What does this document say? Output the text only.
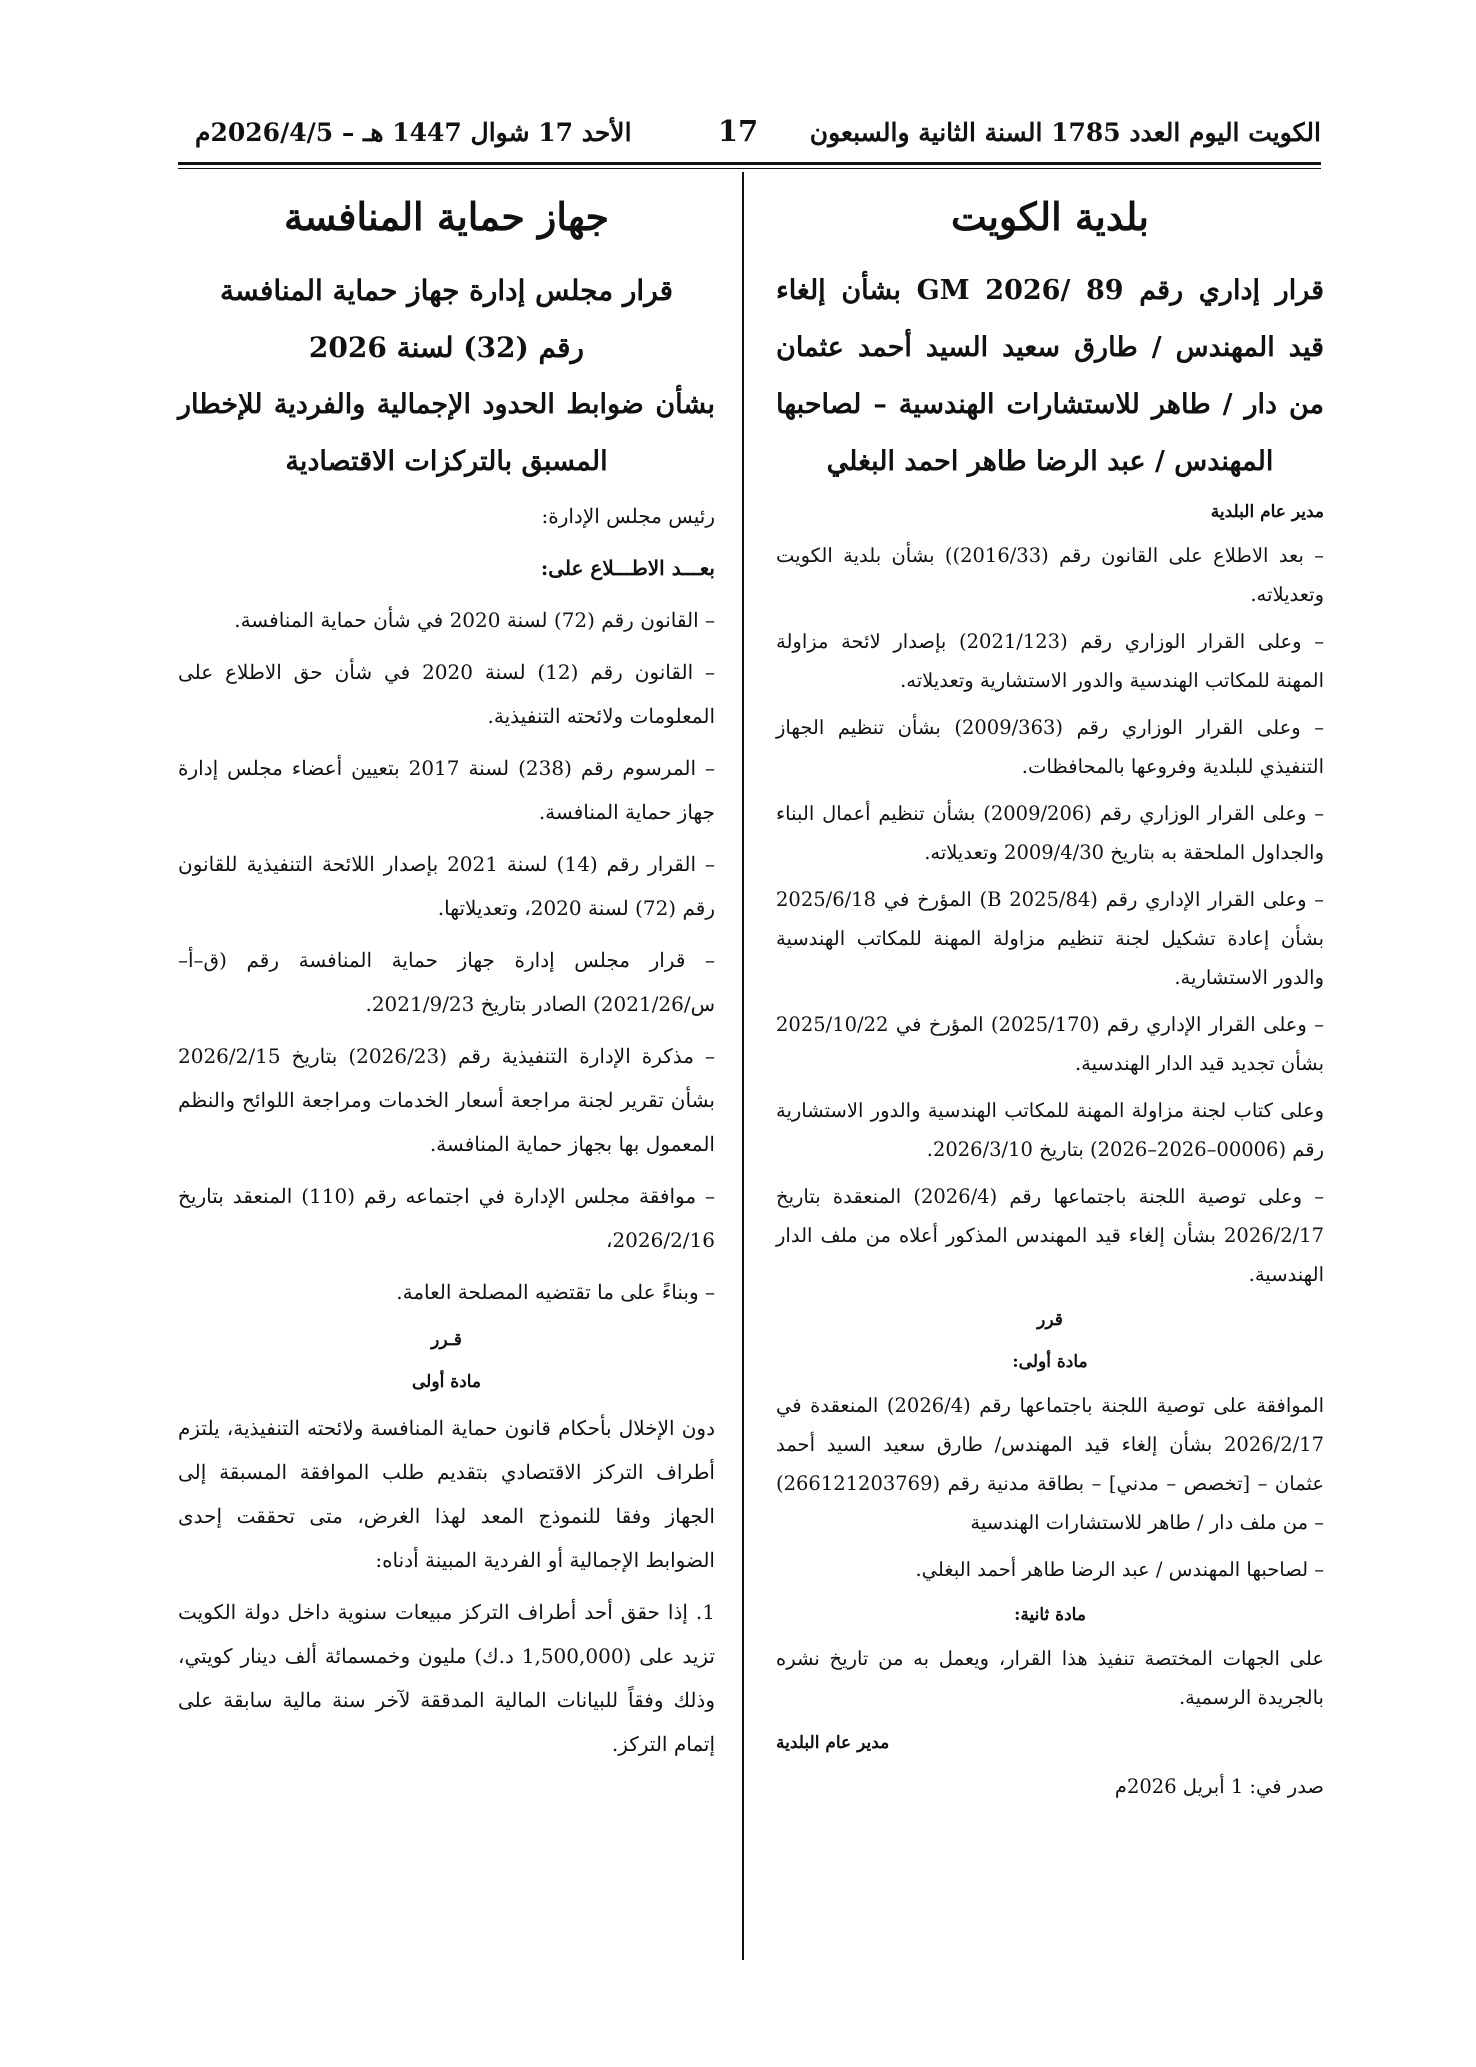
الكويت اليوم العدد 1785 السنة الثانية والسبعون
17
الأحد 17 شوال 1447 هـ – 2026/4/5م
بلدية الكويت
قرار إداري رقم 89 /GM 2026 بشأن إلغاء قيد المهندس / طارق سعيد السيد أحمد عثمان من دار / طاهر للاستشارات الهندسية – لصاحبها المهندس / عبد الرضا طاهر احمد البغلي
مدير عام البلدية
– بعد الاطلاع على القانون رقم (2016/33)) بشأن بلدية الكويت وتعديلاته.
– وعلى القرار الوزاري رقم (2021/123) بإصدار لائحة مزاولة المهنة للمكاتب الهندسية والدور الاستشارية وتعديلاته.
– وعلى القرار الوزاري رقم (2009/363) بشأن تنظيم الجهاز التنفيذي للبلدية وفروعها بالمحافظات.
– وعلى القرار الوزاري رقم (2009/206) بشأن تنظيم أعمال البناء والجداول الملحقة به بتاريخ 2009/4/30 وتعديلاته.
– وعلى القرار الإداري رقم (2025/84 B) المؤرخ في 2025/6/18 بشأن إعادة تشكيل لجنة تنظيم مزاولة المهنة للمكاتب الهندسية والدور الاستشارية.
– وعلى القرار الإداري رقم (2025/170) المؤرخ في 2025/10/22 بشأن تجديد قيد الدار الهندسية.
وعلى كتاب لجنة مزاولة المهنة للمكاتب الهندسية والدور الاستشارية رقم (00006–2026–2026) بتاريخ 2026/3/10.
– وعلى توصية اللجنة باجتماعها رقم (2026/4) المنعقدة بتاريخ 2026/2/17 بشأن إلغاء قيد المهندس المذكور أعلاه من ملف الدار الهندسية.
قرر
مادة أولى:
الموافقة على توصية اللجنة باجتماعها رقم (2026/4) المنعقدة في 2026/2/17 بشأن إلغاء قيد المهندس/ طارق سعيد السيد أحمد عثمان – [تخصص – مدني] – بطاقة مدنية رقم (266121203769) – من ملف دار / طاهر للاستشارات الهندسية
– لصاحبها المهندس / عبد الرضا طاهر أحمد البغلي.
مادة ثانية:
على الجهات المختصة تنفيذ هذا القرار، ويعمل به من تاريخ نشره بالجريدة الرسمية.
مدير عام البلدية
صدر في: 1 أبريل 2026م
جهاز حماية المنافسة
قرار مجلس إدارة جهاز حماية المنافسة
رقم (32) لسنة 2026
بشأن ضوابط الحدود الإجمالية والفردية للإخطار المسبق بالتركزات الاقتصادية
رئيس مجلس الإدارة:
بعـــد الاطـــلاع على:
– القانون رقم (72) لسنة 2020 في شأن حماية المنافسة.
– القانون رقم (12) لسنة 2020 في شأن حق الاطلاع على المعلومات ولائحته التنفيذية.
– المرسوم رقم (238) لسنة 2017 بتعيين أعضاء مجلس إدارة جهاز حماية المنافسة.
– القرار رقم (14) لسنة 2021 بإصدار اللائحة التنفيذية للقانون رقم (72) لسنة 2020، وتعديلاتها.
– قرار مجلس إدارة جهاز حماية المنافسة رقم (ق–أ–س/2021/26) الصادر بتاريخ 2021/9/23.
– مذكرة الإدارة التنفيذية رقم (2026/23) بتاريخ 2026/2/15 بشأن تقرير لجنة مراجعة أسعار الخدمات ومراجعة اللوائح والنظم المعمول بها بجهاز حماية المنافسة.
– موافقة مجلس الإدارة في اجتماعه رقم (110) المنعقد بتاريخ 2026/2/16،
– وبناءً على ما تقتضيه المصلحة العامة.
قـرر
مادة أولى
دون الإخلال بأحكام قانون حماية المنافسة ولائحته التنفيذية، يلتزم أطراف التركز الاقتصادي بتقديم طلب الموافقة المسبقة إلى الجهاز وفقا للنموذج المعد لهذا الغرض، متى تحققت إحدى الضوابط الإجمالية أو الفردية المبينة أدناه:
1. إذا حقق أحد أطراف التركز مبيعات سنوية داخل دولة الكويت تزيد على (1,500,000 د.ك) مليون وخمسمائة ألف دينار كويتي، وذلك وفقاً للبيانات المالية المدققة لآخر سنة مالية سابقة على إتمام التركز.
